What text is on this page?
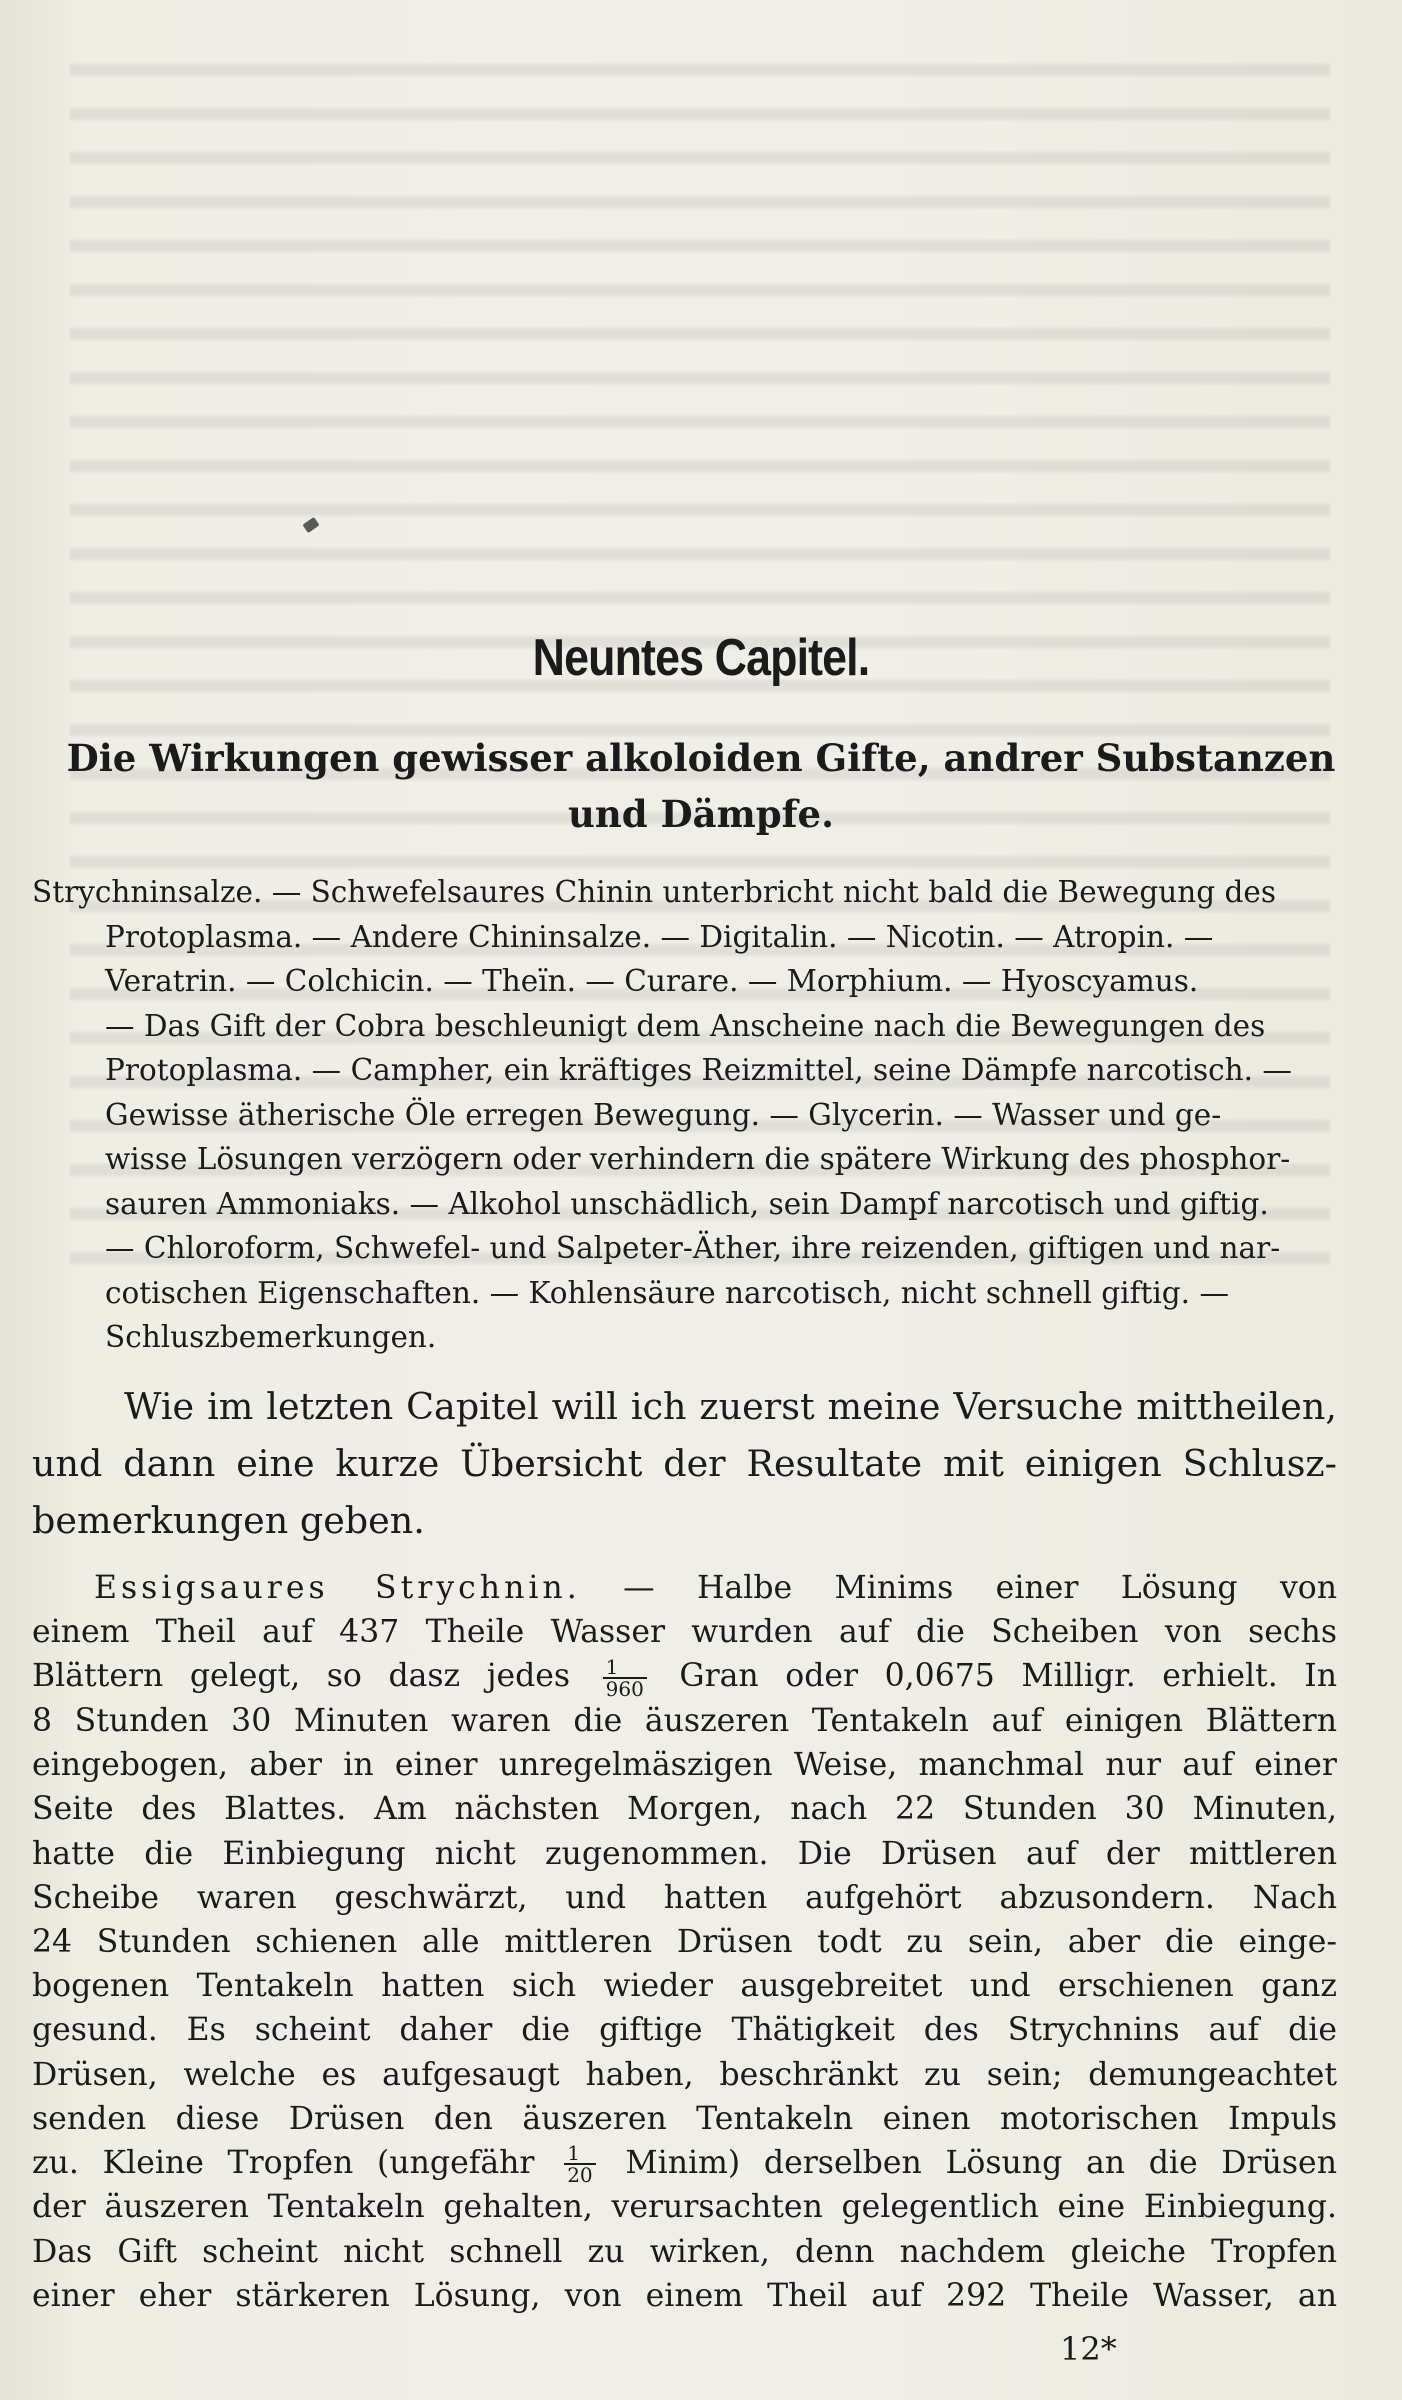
Neuntes Capitel.
Die Wirkungen gewisser alkoloiden Gifte, andrer Substanzen
und Dämpfe.

Strychninsalze. — Schwefelsaures Chinin unterbricht nicht bald die Bewegung des
Protoplasma. — Andere Chininsalze. — Digitalin. — Nicotin. — Atropin. —
Veratrin. — Colchicin. — Theïn. — Curare. — Morphium. — Hyoscyamus.
— Das Gift der Cobra beschleunigt dem Anscheine nach die Bewegungen des
Protoplasma. — Campher, ein kräftiges Reizmittel, seine Dämpfe narcotisch. —
Gewisse ätherische Öle erregen Bewegung. — Glycerin. — Wasser und ge-
wisse Lösungen verzögern oder verhindern die spätere Wirkung des phosphor-
sauren Ammoniaks. — Alkohol unschädlich, sein Dampf narcotisch und giftig.
— Chloroform, Schwefel- und Salpeter-Äther, ihre reizenden, giftigen und nar-
cotischen Eigenschaften. — Kohlensäure narcotisch, nicht schnell giftig. —
Schluszbemerkungen.

Wie im letzten Capitel will ich zuerst meine Versuche mittheilen,
und dann eine kurze Übersicht der Resultate mit einigen Schlusz-
bemerkungen geben.

Essigsaures Strychnin. — Halbe Minims einer Lösung von
einem Theil auf 437 Theile Wasser wurden auf die Scheiben von sechs
Blättern gelegt, so dasz jedes $\frac{1}{960}$ Gran oder 0,0675 Milligr. erhielt. In
8 Stunden 30 Minuten waren die äuszeren Tentakeln auf einigen Blättern
eingebogen, aber in einer unregelmäszigen Weise, manchmal nur auf einer
Seite des Blattes. Am nächsten Morgen, nach 22 Stunden 30 Minuten,
hatte die Einbiegung nicht zugenommen. Die Drüsen auf der mittleren
Scheibe waren geschwärzt, und hatten aufgehört abzusondern. Nach
24 Stunden schienen alle mittleren Drüsen todt zu sein, aber die einge-
bogenen Tentakeln hatten sich wieder ausgebreitet und erschienen ganz
gesund. Es scheint daher die giftige Thätigkeit des Strychnins auf die
Drüsen, welche es aufgesaugt haben, beschränkt zu sein; demungeachtet
senden diese Drüsen den äuszeren Tentakeln einen motorischen Impuls
zu. Kleine Tropfen (ungefähr $\frac{1}{20}$ Minim) derselben Lösung an die Drüsen
der äuszeren Tentakeln gehalten, verursachten gelegentlich eine Einbiegung.
Das Gift scheint nicht schnell zu wirken, denn nachdem gleiche Tropfen
einer eher stärkeren Lösung, von einem Theil auf 292 Theile Wasser, an

12*
